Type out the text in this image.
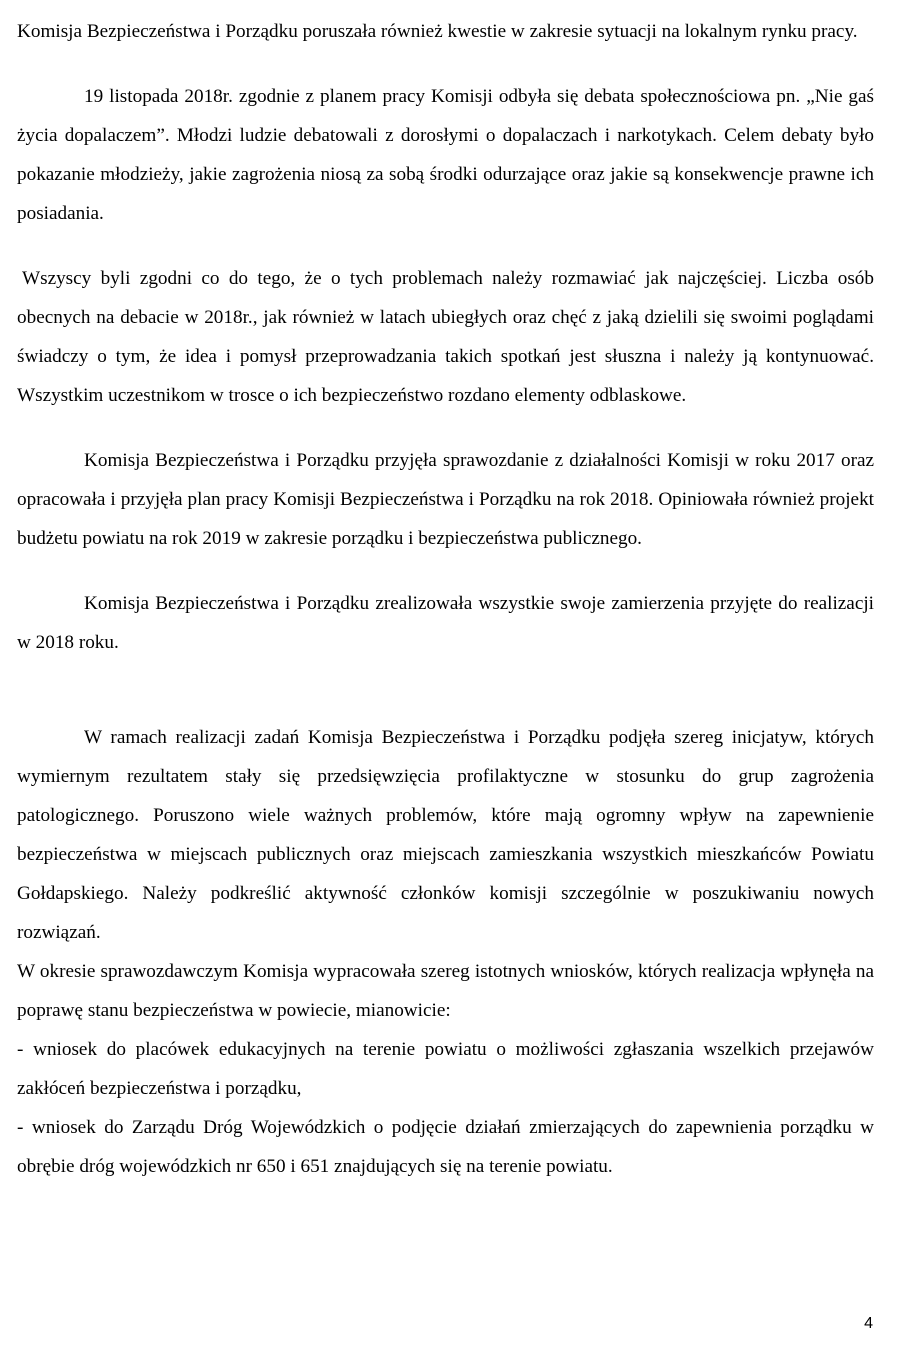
Komisja Bezpieczeństwa i Porządku poruszała również kwestie w zakresie sytuacji na lokalnym rynku pracy.

19 listopada 2018r. zgodnie z planem pracy Komisji odbyła się debata społecznościowa pn. „Nie gaś życia dopalaczem”. Młodzi ludzie debatowali z dorosłymi o dopalaczach i narkotykach. Celem debaty było pokazanie młodzieży, jakie zagrożenia niosą za sobą środki odurzające oraz jakie są konsekwencje prawne ich posiadania.

Wszyscy byli zgodni co do tego, że o tych problemach należy rozmawiać jak najczęściej. Liczba osób obecnych na debacie w 2018r., jak również w latach ubiegłych oraz chęć z jaką dzielili się swoimi poglądami świadczy o tym, że idea i pomysł przeprowadzania takich spotkań jest słuszna i należy ją kontynuować. Wszystkim uczestnikom w trosce o ich bezpieczeństwo rozdano elementy odblaskowe.

Komisja Bezpieczeństwa i Porządku przyjęła sprawozdanie z działalności Komisji w roku 2017 oraz opracowała i przyjęła plan pracy Komisji Bezpieczeństwa i Porządku na rok 2018. Opiniowała również projekt budżetu powiatu na rok 2019 w zakresie porządku i bezpieczeństwa publicznego.

Komisja Bezpieczeństwa i Porządku zrealizowała wszystkie swoje zamierzenia przyjęte do realizacji w 2018 roku.

W ramach realizacji zadań Komisja Bezpieczeństwa i Porządku podjęła szereg inicjatyw, których wymiernym rezultatem stały się przedsięwzięcia profilaktyczne w stosunku do grup zagrożenia patologicznego. Poruszono wiele ważnych problemów, które mają ogromny wpływ na zapewnienie bezpieczeństwa w miejscach publicznych oraz miejscach zamieszkania wszystkich mieszkańców Powiatu Gołdapskiego. Należy podkreślić aktywność członków komisji szczególnie w poszukiwaniu nowych rozwiązań.

W okresie sprawozdawczym Komisja wypracowała szereg istotnych wniosków, których realizacja wpłynęła na poprawę stanu bezpieczeństwa w powiecie, mianowicie:

- wniosek do placówek edukacyjnych na terenie powiatu o możliwości zgłaszania wszelkich przejawów zakłóceń bezpieczeństwa i porządku,

- wniosek do Zarządu Dróg Wojewódzkich o podjęcie działań zmierzających do zapewnienia porządku w obrębie dróg wojewódzkich nr 650 i 651 znajdujących się na terenie powiatu.

4
